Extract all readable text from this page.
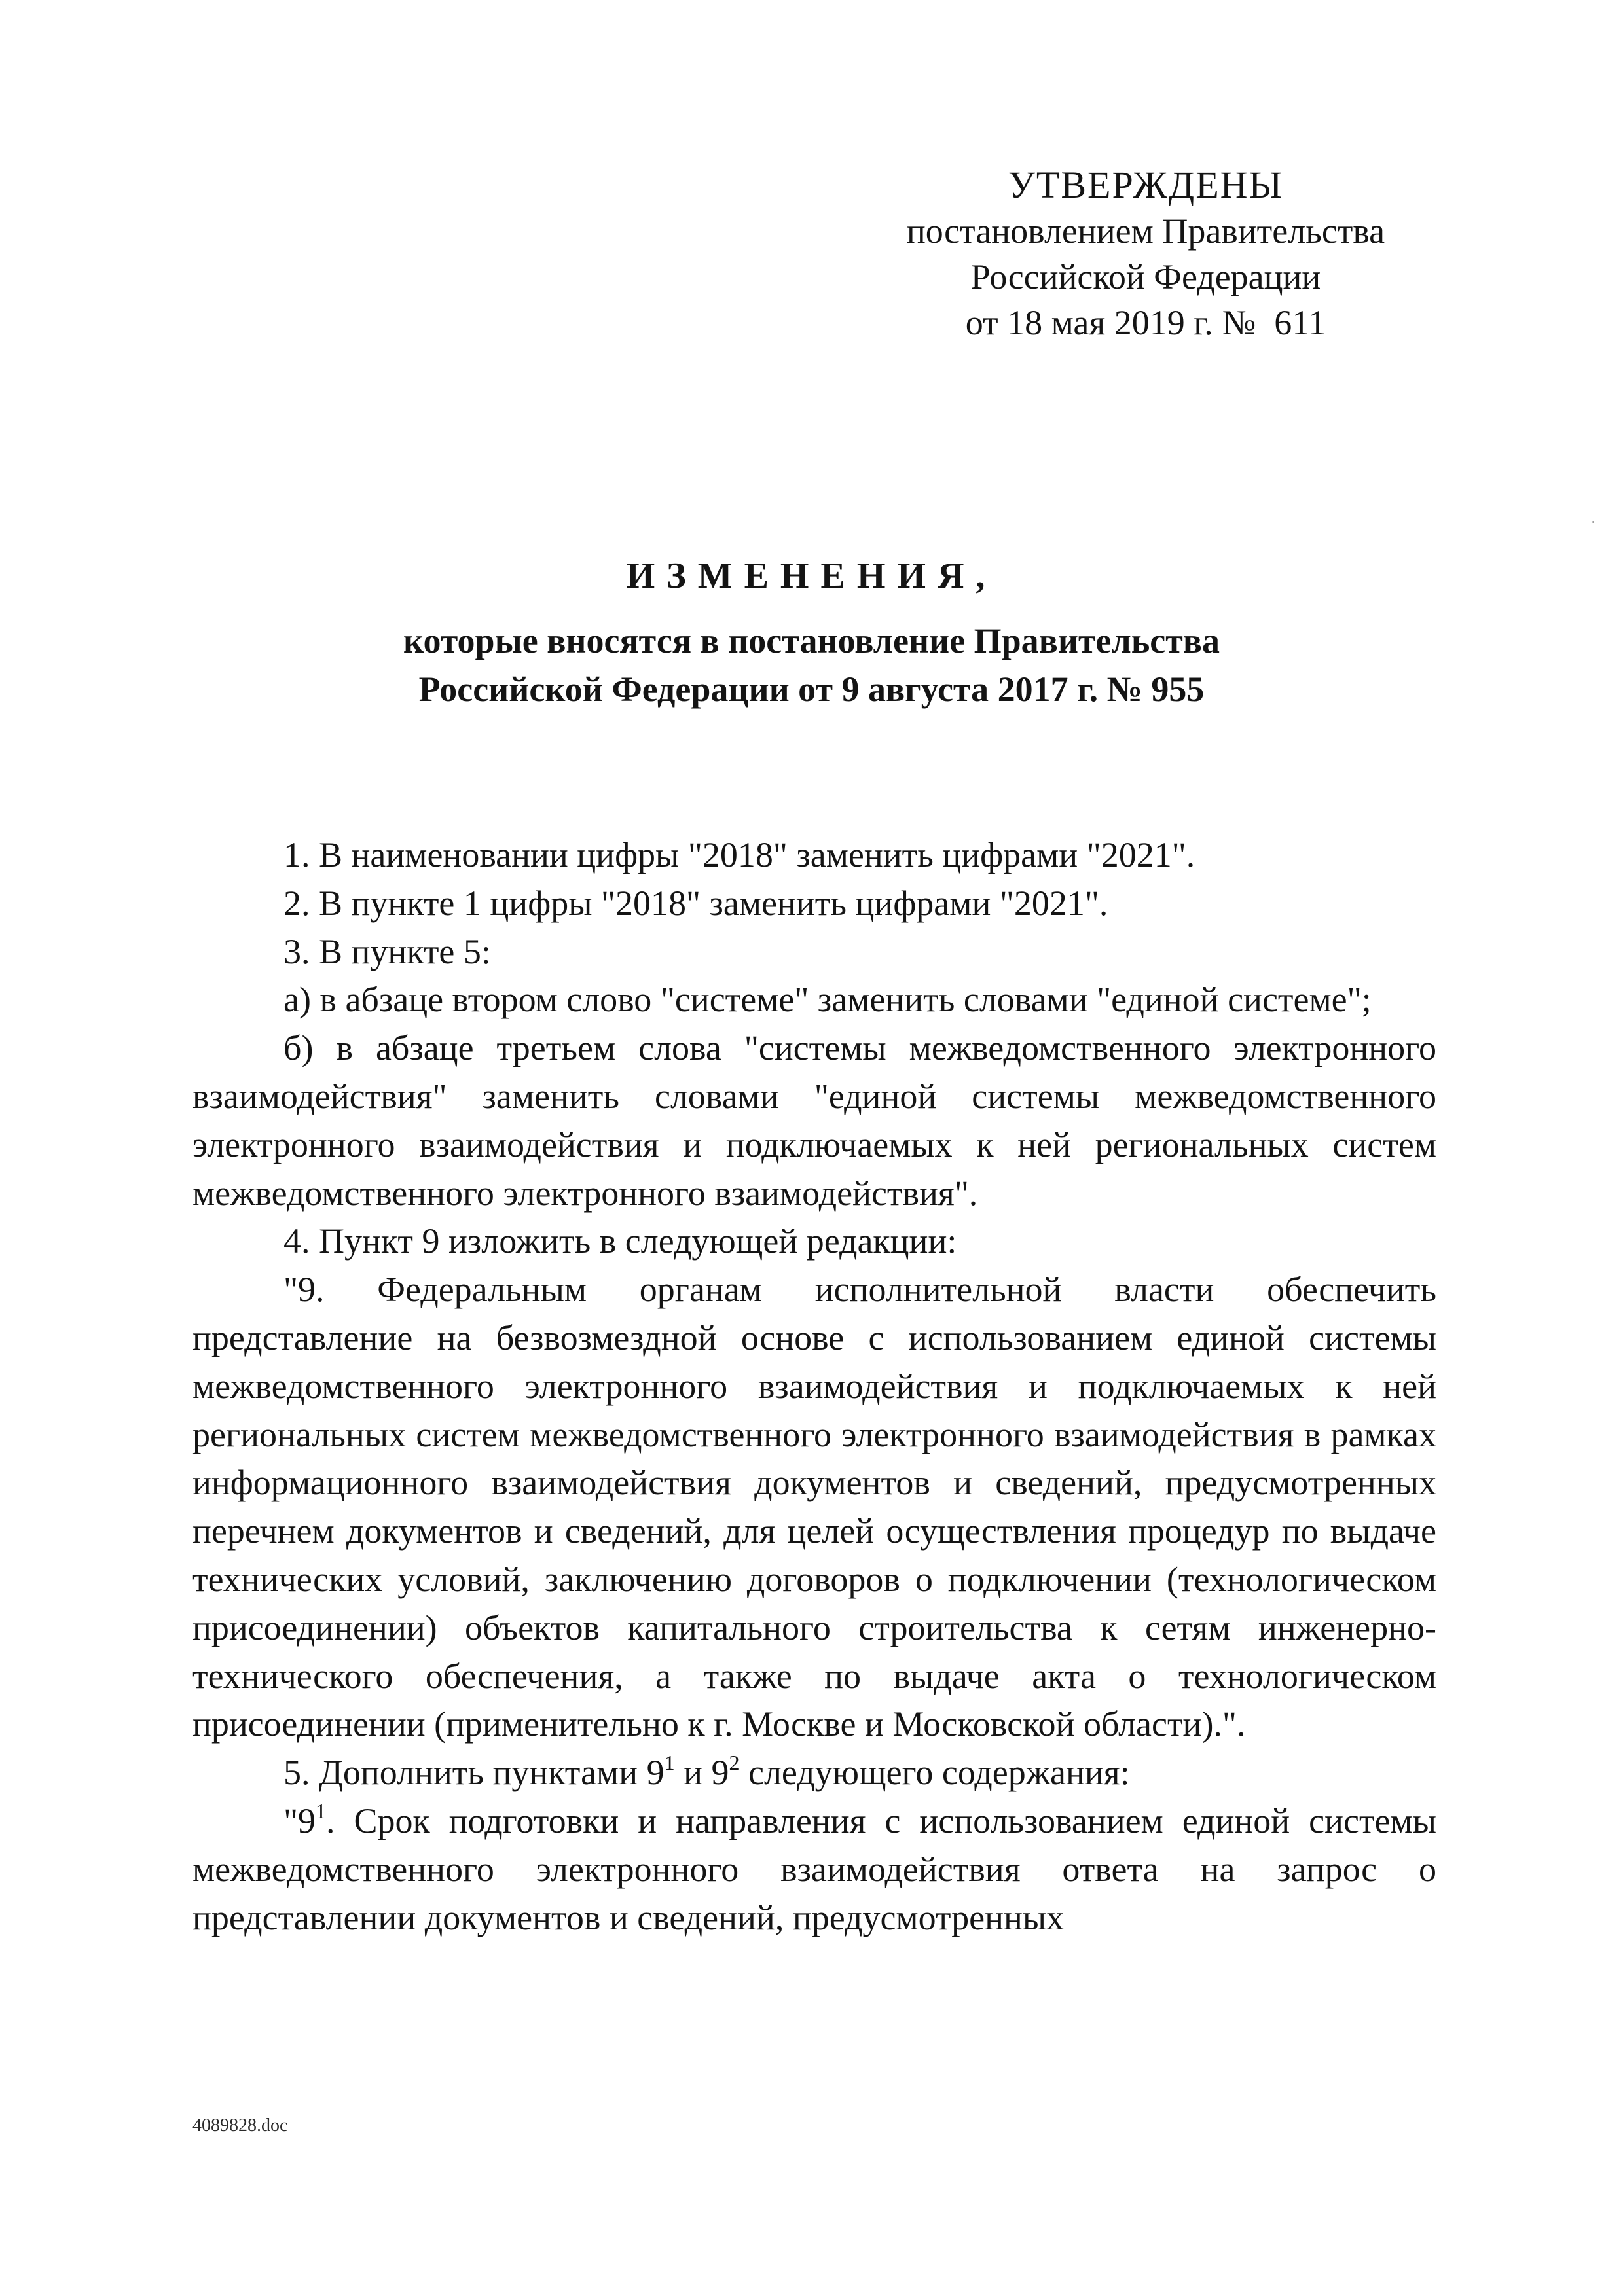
УТВЕРЖДЕНЫ
постановлением Правительства
Российской Федерации
от 18 мая 2019 г. № 611
ИЗМЕНЕНИЯ,
которые вносятся в постановление Правительства
Российской Федерации от 9 августа 2017 г. № 955

1. В наименовании цифры "2018" заменить цифрами "2021".

2. В пункте 1 цифры "2018" заменить цифрами "2021".

3. В пункте 5:

а) в абзаце втором слово "системе" заменить словами "единой системе";

б) в абзаце третьем слова "системы межведомственного электронного взаимодействия" заменить словами "единой системы межведомственного электронного взаимодействия и подключаемых к ней региональных систем межведомственного электронного взаимодействия".

4. Пункт 9 изложить в следующей редакции:

"9. Федеральным органам исполнительной власти обеспечить представление на безвозмездной основе с использованием единой системы межведомственного электронного взаимодействия и подключаемых к ней региональных систем межведомственного электронного взаимодействия в рамках информационного взаимодействия документов и сведений, предусмотренных перечнем документов и сведений, для целей осуществления процедур по выдаче технических условий, заключению договоров о подключении (технологическом присоединении) объектов капитального строительства к сетям инженерно-технического обеспечения, а также по выдаче акта о технологическом присоединении (применительно к г. Москве и Московской области).".

5. Дополнить пунктами $9^1$ и $9^2$ следующего содержания:

"$9^1$. Срок подготовки и направления с использованием единой системы межведомственного электронного взаимодействия ответа на запрос о представлении документов и сведений, предусмотренных

4089828.doc
